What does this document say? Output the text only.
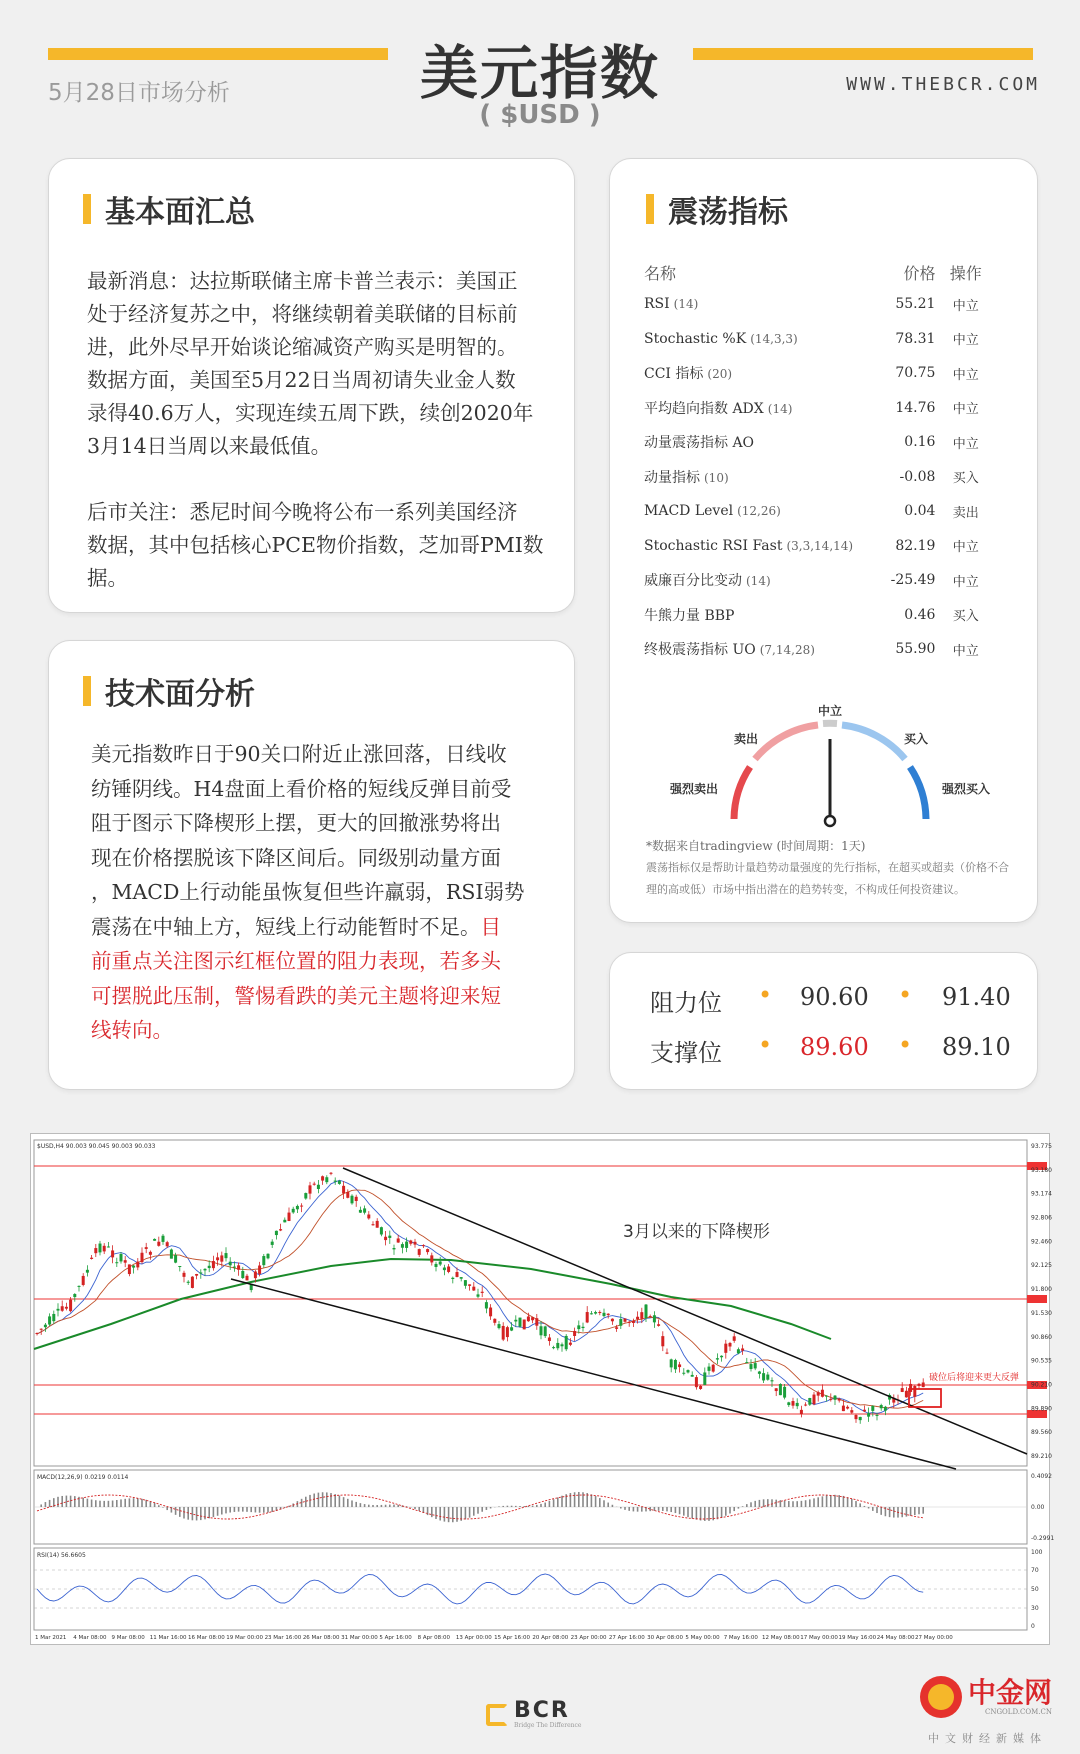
美元指数
( $USD )
5月28日市场分析	WWW.THEBCR.COM
基本面汇总
最新消息：达拉斯联储主席卡普兰表示：美国正
处于经济复苏之中，将继续朝着美联储的目标前
进，此外尽早开始谈论缩减资产购买是明智的。
数据方面，美国至5月22日当周初请失业金人数
录得40.6万人，实现连续五周下跌，续创2020年
3月14日当周以来最低值。
后市关注：悉尼时间今晚将公布一系列美国经济
数据，其中包括核心PCE物价指数，芝加哥PMI数
据。
技术面分析
美元指数昨日于90关口附近止涨回落，日线收
纺锤阴线。H4盘面上看价格的短线反弹目前受
阻于图示下降楔形上摆，更大的回撤涨势将出
现在价格摆脱该下降区间后。同级别动量方面
，MACD上行动能虽恢复但些许羸弱，RSI弱势
震荡在中轴上方，短线上行动能暂时不足。目
前重点关注图示红框位置的阻力表现，若多头
可摆脱此压制，警惕看跌的美元主题将迎来短
线转向。
震荡指标
名称	价格	操作
RSI (14)	55.21	中立
Stochastic %K (14,3,3)	78.31	中立
CCI 指标 (20)	70.75	中立
平均趋向指数 ADX (14)	14.76	中立
动量震荡指标 AO	0.16	中立
动量指标 (10)	-0.08	买入
MACD Level (12,26)	0.04	卖出
Stochastic RSI Fast (3,3,14,14)	82.19	中立
威廉百分比变动 (14)	-25.49	中立
牛熊力量 BBP	0.46	买入
终极震荡指标 UO (7,14,28)	55.90	中立
中立
卖出	买入
强烈卖出	强烈买入
*数据来自tradingview (时间周期：1天)
震荡指标仅是帮助计量趋势动量强度的先行指标，在超买或超卖（价格不合
理的高或低）市场中指出潜在的趋势转变，不构成任何投资建议。
阻力位 • 90.60 • 91.40
支撑位 • 89.60 • 89.10
$USD,H4 90.003 90.045 90.003 90.033
3月以来的下降楔形
破位后将迎来更大反弹
93.775
93.180
93.174
92.806
92.460
92.125
91.800
91.530
90.860
90.535
90.210
89.890
89.560
89.210
MACD(12,26,9) 0.0219 0.0114	0.4092
0.00
-0.2991
RSI(14) 56.6605	100
70
50
30
0
1 Mar 2021 4 Mar 08:00 9 Mar 08:00 11 Mar 16:00 16 Mar 08:00 19 Mar 00:00 23 Mar 16:00 26 Mar 08:00 31 Mar 00:00 5 Apr 16:00 8 Apr 08:00 13 Apr 00:00 15 Apr 16:00 20 Apr 08:00 23 Apr 00:00 27 Apr 16:00 30 Apr 08:00 5 May 00:00 7 May 16:00 12 May 08:00 17 May 00:00 19 May 16:00 24 May 08:00 27 May 00:00
BCR
Bridge The Difference
中金网
CNGOLD.COM.CN
中文财经新媒体
